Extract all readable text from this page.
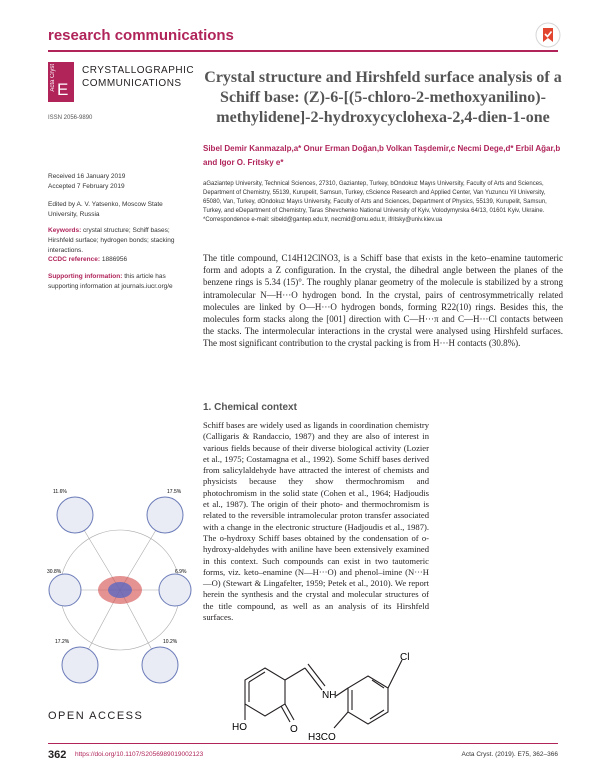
research communications
Acta Cryst E
CRYSTALLOGRAPHIC
COMMUNICATIONS
ISSN 2056-9890
Received 16 January 2019
Accepted 7 February 2019
Edited by A. V. Yatsenko, Moscow State University, Russia
Keywords: crystal structure; Schiff bases; Hirshfeld surface; hydrogen bonds; stacking interactions.
CCDC reference: 1886956
Supporting information: this article has supporting information at journals.iucr.org/e
Crystal structure and Hirshfeld surface analysis of a Schiff base: (Z)-6-[(5-chloro-2-methoxyanilino)-methylidene]-2-hydroxycyclohexa-2,4-dien-1-one
Sibel Demir Kanmazalp,a* Onur Erman Doğan,b Volkan Taşdemir,c Necmi Dege,d* Erbil Ağar,b and Igor O. Fritsky e*
aGaziantep University, Technical Sciences, 27310, Gaziantep, Turkey, bOndokuz Mayıs University, Faculty of Arts and Sciences, Department of Chemistry, 55139, Kurupelit, Samsun, Turkey, cScience Research and Applied Center, Van Yuzuncu Yil University, 65080, Van, Turkey, dOndokuz Mayıs University, Faculty of Arts and Sciences, Department of Physics, 55139, Kurupelit, Samsun, Turkey, and eDepartment of Chemistry, Taras Shevchenko National University of Kyiv, Volodymyrska 64/13, 01601 Kyiv, Ukraine. *Correspondence e-mail: sibeld@gantep.edu.tr, necmid@omu.edu.tr, ifritsky@univ.kiev.ua
The title compound, C14H12ClNO3, is a Schiff base that exists in the keto–enamine tautomeric form and adopts a Z configuration. In the crystal, the dihedral angle between the planes of the benzene rings is 5.34 (15)°. The roughly planar geometry of the molecule is stabilized by a strong intramolecular N—H···O hydrogen bond. In the crystal, pairs of centrosymmetrically related molecules are linked by O—H···O hydrogen bonds, forming R22(10) rings. Besides this, the molecules form stacks along the [001] direction with C—H···π and C—H···Cl contacts between the stacks. The intermolecular interactions in the crystal were analysed using Hirshfeld surfaces. The most significant contribution to the crystal packing is from H···H contacts (30.8%).
1. Chemical context
Schiff bases are widely used as ligands in coordination chemistry (Calligaris & Randaccio, 1987) and they are also of interest in various fields because of their diverse biological activity (Lozier et al., 1975; Costamagna et al., 1992). Some Schiff bases derived from salicylaldehyde have attracted the interest of chemists and physicists because they show thermochromism and photochromism in the solid state (Cohen et al., 1964; Hadjoudis et al., 1987). The origin of their photo- and thermochromism is related to the reversible intramolecular proton transfer associated with a change in the electronic structure (Hadjoudis et al., 1987). The o-hydroxy Schiff bases obtained by the condensation of o-hydroxy-aldehydes with aniline have been extensively examined in this context. Such compounds can exist in two tautomeric forms, viz. keto–enamine (N—H···O) and phenol–imine (N···H—O) (Stewart & Lingafelter, 1959; Petek et al., 2010). We report herein the synthesis and the crystal and molecular structures of the title compound, as well as an analysis of its Hirshfeld surfaces.
11.6%	17.5%
30.8%	6.9%
17.2%	10.2%
Cl
HO	O
NH
H3CO
OPEN ACCESS
362 https://doi.org/10.1107/S2056989019002123	Acta Cryst. (2019). E75, 362–366
